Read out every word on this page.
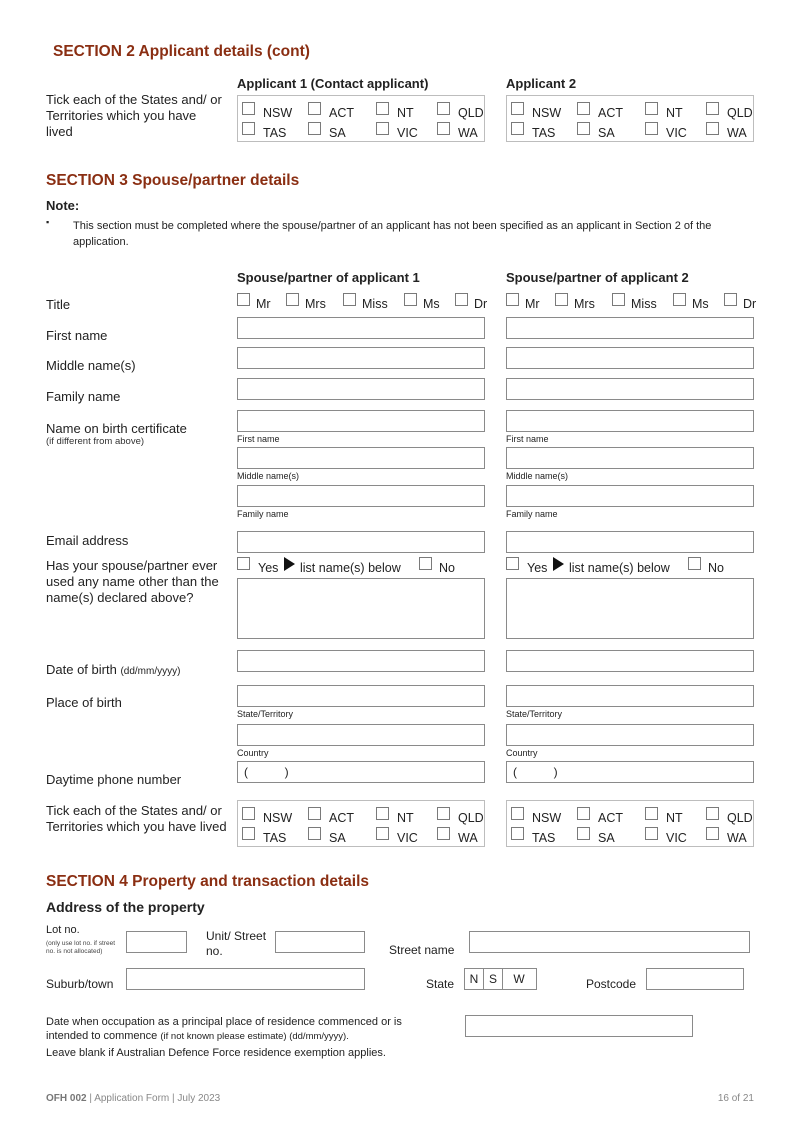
SECTION 2 Applicant details (cont)
Applicant 1 (Contact applicant)	Applicant 2
Tick each of the States and/ or Territories which you have lived
NSW	ACT	NT	QLD
TAS	SA	VIC	WA
NSW	ACT	NT	QLD
TAS	SA	VIC	WA
SECTION 3 Spouse/partner details
Note:
▪ This section must be completed where the spouse/partner of an applicant has not been specified as an applicant in Section 2 of the application.
Spouse/partner of applicant 1	Spouse/partner of applicant 2
Title	Mr	Mrs	Miss	Ms	Dr	Mr	Mrs	Miss	Ms	Dr
First name
Middle name(s)
Family name
Name on birth certificate
(if different from above)	First name
Middle name(s)
Family name
First name
Middle name(s)
Family name
Email address
Has your spouse/partner ever used any name other than the name(s) declared above?
Yes list name(s) below	No	Yes list name(s) below	No
Date of birth (dd/mm/yyyy)
Place of birth
State/Territory
Country
State/Territory
Country
Daytime phone number	(           )	(           )
Tick each of the States and/ or Territories which you have lived
NSW	ACT	NT	QLD
TAS	SA	VIC	WA
NSW	ACT	NT	QLD
TAS	SA	VIC	WA
SECTION 4 Property and transaction details
Address of the property
Lot no.
(only use lot no. if street no. is not allocated)
Unit/ Street no.	Street name
Suburb/town	State	N S	W	Postcode
Date when occupation as a principal place of residence commenced or is intended to commence (if not known please estimate) (dd/mm/yyyy).
Leave blank if Australian Defence Force residence exemption applies.
OFH 002 | Application Form | July 2023	16 of 21
